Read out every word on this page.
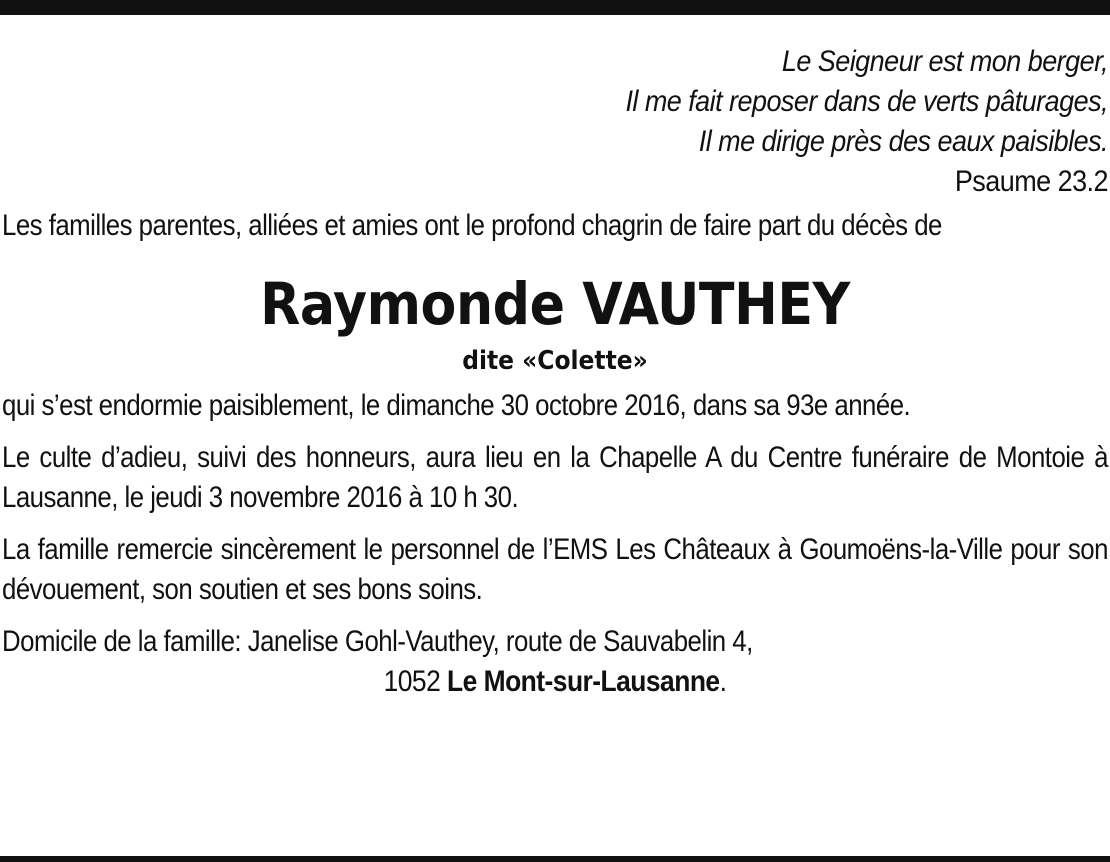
Le Seigneur est mon berger,
Il me fait reposer dans de verts pâturages,
Il me dirige près des eaux paisibles.
Psaume 23.2

Les familles parentes, alliées et amies ont le profond chagrin de faire part du décès de

Raymonde VAUTHEY
dite «Colette»

qui s’est endormie paisiblement, le dimanche 30 octobre 2016, dans sa 93e année.

Le culte d’adieu, suivi des honneurs, aura lieu en la Chapelle A du Centre funéraire de Montoie à Lausanne, le jeudi 3 novembre 2016 à 10 h 30.

La famille remercie sincèrement le personnel de l’EMS Les Châteaux à Goumoëns-la-Ville pour son dévouement, son soutien et ses bons soins.

Domicile de la famille: Janelise Gohl-Vauthey, route de Sauvabelin 4,

1052 Le Mont-sur-Lausanne.
